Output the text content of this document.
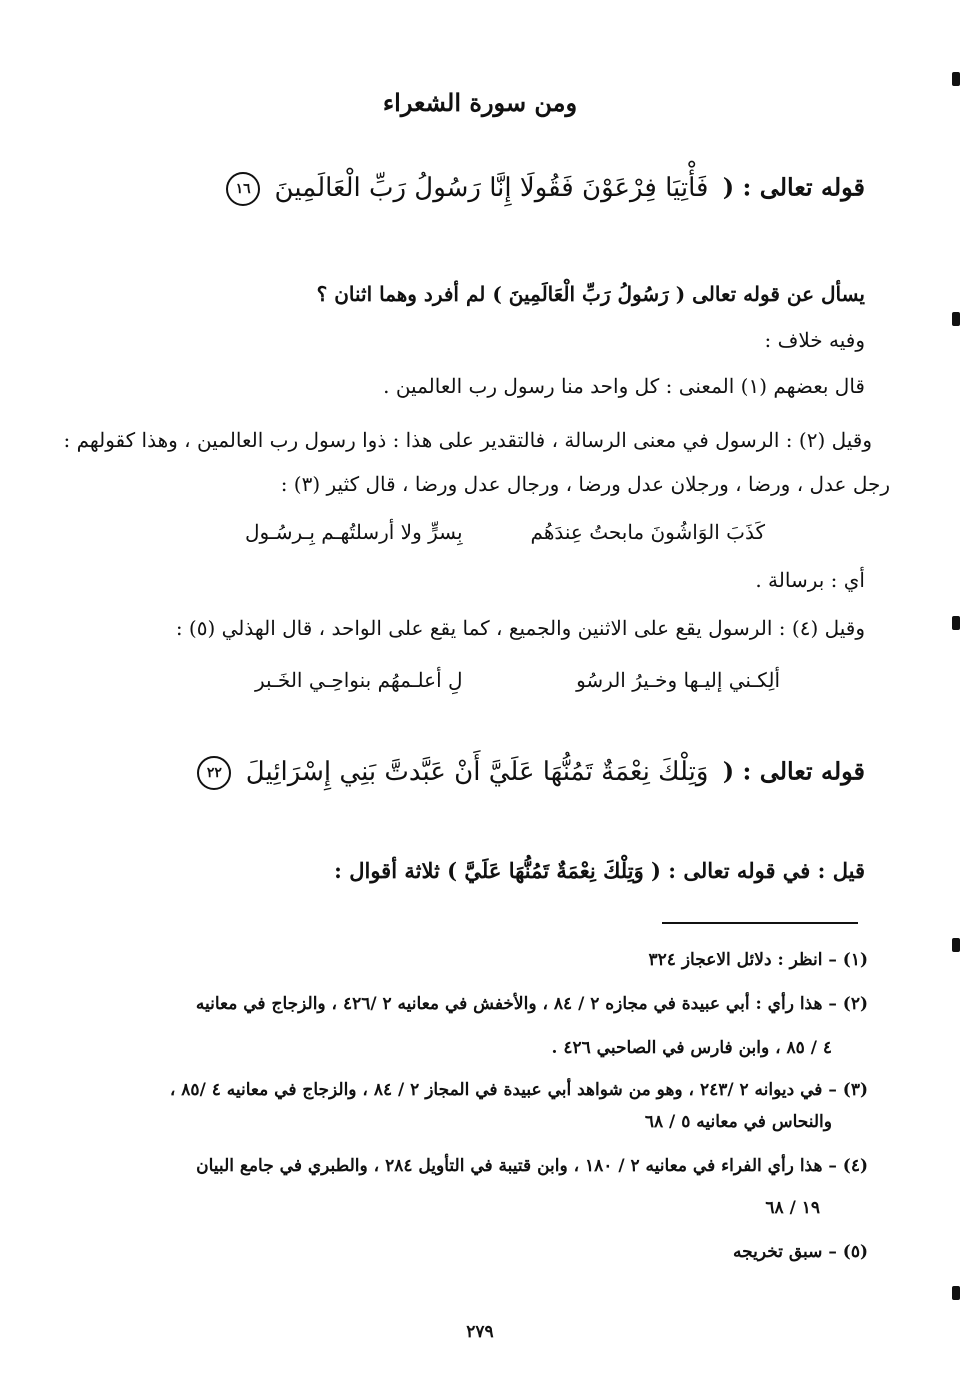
ومن سورة الشعراء
قوله تعالى : ( فَأْتِيَا فِرْعَوْنَ فَقُولَا إِنَّا رَسُولُ رَبِّ الْعَالَمِينَ ١٦
يسأل عن قوله تعالى ( رَسُولُ رَبِّ الْعَالَمِينَ ) لم أفرد وهما اثنان ؟
وفيه خلاف :
قال بعضهم (١) المعنى : كل واحد منا رسول رب العالمين .
وقيل (٢) : الرسول في معنى الرسالة ، فالتقدير على هذا : ذوا رسول رب العالمين ، وهذا كقولهم :
رجل عدل ، ورضا ، ورجلان عدل ورضا ، ورجال عدل ورضا ، قال كثير (٣) :
كَذَبَ الوَاشُونَ مابحتُ عِندَهُم
بِسرٍّ ولا أرسلتُهـم بِـرسُـول
أي : برسالة .
وقيل (٤) : الرسول يقع على الاثنين والجميع ، كما يقع على الواحد ، قال الهذلي (٥) :
ألِكـني إليـها وخـيرُ الرسُو
لِ أعلـمهُم بنواحِـي الخَـبر
قوله تعالى : ( وَتِلْكَ نِعْمَةٌ تَمُنُّهَا عَلَيَّ أَنْ عَبَّدتَّ بَنِي إِسْرَائِيلَ ٢٢
قيل : في قوله تعالى : ( وَتِلْكَ نِعْمَةٌ تَمُنُّهَا عَلَيَّ ) ثلاثة أقوال :
(١) – انظر : دلائل الاعجاز ٣٢٤
(٢) – هذا رأي : أبي عبيدة في مجازه ٢ / ٨٤ ، والأخفش في معانيه ٢ /٤٢٦ ، والزجاج في معانيه
٤ / ٨٥ ، وابن فارس في الصاحبي ٤٢٦ .
(٣) – في ديوانه ٢ /٢٤٣ ، وهو من شواهد أبي عبيدة في المجاز ٢ / ٨٤ ، والزجاج في معانيه ٤ /٨٥ ،
والنحاس في معانيه ٥ / ٦٨
(٤) – هذا رأي الفراء في معانيه ٢ / ١٨٠ ، وابن قتيبة في التأويل ٢٨٤ ، والطبري في جامع البيان
١٩ / ٦٨
(٥) – سبق تخريجه
٢٧٩
